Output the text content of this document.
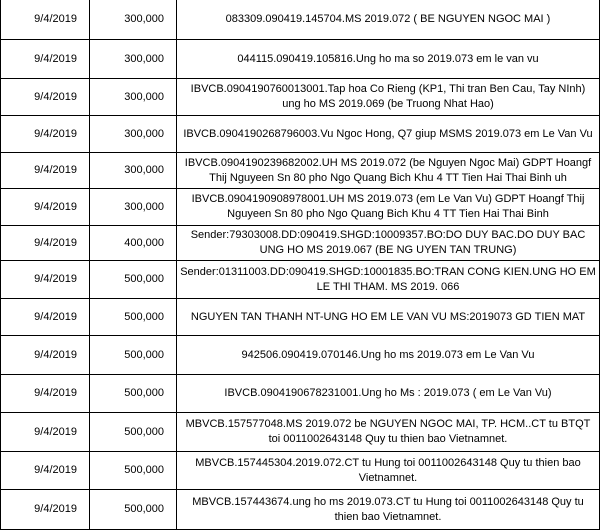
9/4/2019	300,000	083309.090419.145704.MS 2019.072 ( BE NGUYEN NGOC MAI )
9/4/2019	300,000	044115.090419.105816.Ung ho ma so 2019.073 em le van vu
9/4/2019	300,000	IBVCB.0904190760013001.Tap hoa Co Rieng (KP1, Thi tran Ben Cau, Tay NInh) ung ho MS 2019.069 (be Truong Nhat Hao)
9/4/2019	300,000	IBVCB.0904190268796003.Vu Ngoc Hong, Q7 giup MSMS 2019.073 em Le Van Vu
9/4/2019	300,000	IBVCB.0904190239682002.UH MS 2019.072 (be Nguyen Ngoc Mai) GDPT Hoangf Thij Nguyeen Sn 80 pho Ngo Quang Bich Khu 4 TT Tien Hai Thai Binh uh
9/4/2019	300,000	IBVCB.0904190908978001.UH MS 2019.073 (em Le Van Vu) GDPT Hoangf Thij Nguyeen Sn 80 pho Ngo Quang Bich Khu 4 TT Tien Hai Thai Binh
9/4/2019	400,000	Sender:79303008.DD:090419.SHGD:10009357.BO:DO DUY BAC.DO DUY BAC UNG HO MS 2019.067 (BE NG UYEN TAN TRUNG)
9/4/2019	500,000	Sender:01311003.DD:090419.SHGD:10001835.BO:TRAN CONG KIEN.UNG HO EM LE THI THAM. MS 2019. 066
9/4/2019	500,000	NGUYEN TAN THANH NT-UNG HO EM LE VAN VU MS:2019073 GD TIEN MAT
9/4/2019	500,000	942506.090419.070146.Ung ho ms 2019.073 em Le Van Vu
9/4/2019	500,000	IBVCB.0904190678231001.Ung ho Ms : 2019.073 ( em Le Van Vu)
9/4/2019	500,000	MBVCB.157577048.MS 2019.072 be NGUYEN NGOC MAI, TP. HCM..CT tu BTQT toi 0011002643148 Quy tu thien bao Vietnamnet.
9/4/2019	500,000	MBVCB.157445304.2019.072.CT tu Hung toi 0011002643148 Quy tu thien bao Vietnamnet.
9/4/2019	500,000	MBVCB.157443674.ung ho ms 2019.073.CT tu Hung toi 0011002643148 Quy tu thien bao Vietnamnet.
